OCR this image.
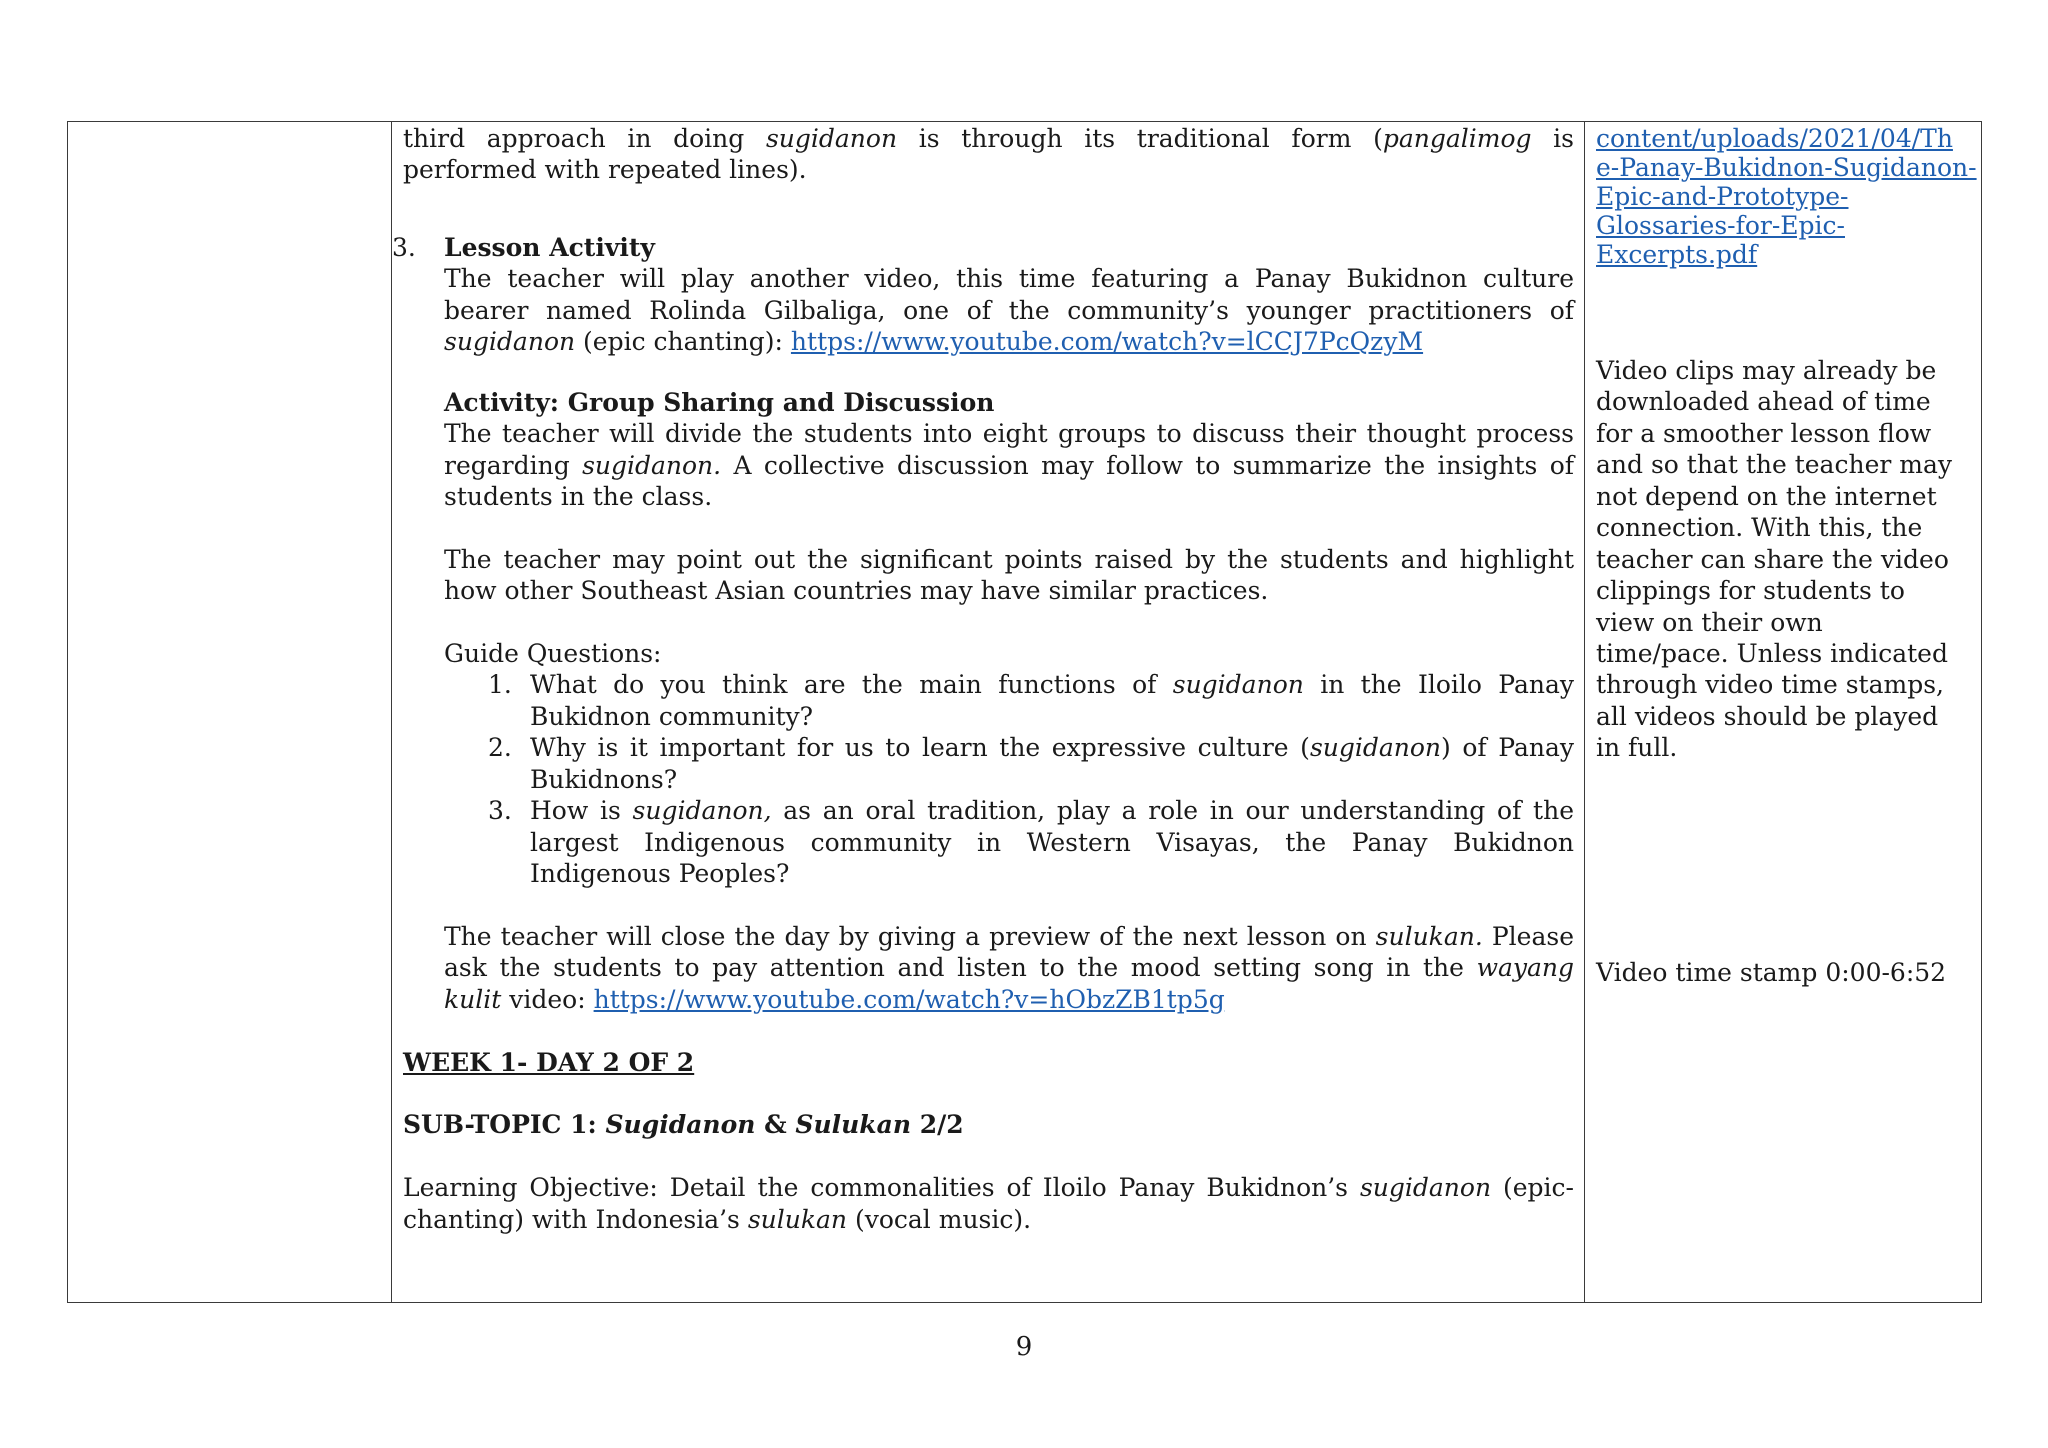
third approach in doing sugidanon is through its traditional form (pangalimog is
performed with repeated lines).
3. Lesson Activity
The teacher will play another video, this time featuring a Panay Bukidnon culture
bearer named Rolinda Gilbaliga, one of the community’s younger practitioners of
sugidanon (epic chanting): https://www.youtube.com/watch?v=lCCJ7PcQzyM
Activity: Group Sharing and Discussion
The teacher will divide the students into eight groups to discuss their thought process
regarding sugidanon. A collective discussion may follow to summarize the insights of
students in the class.
The teacher may point out the significant points raised by the students and highlight
how other Southeast Asian countries may have similar practices.
Guide Questions:
1. What do you think are the main functions of sugidanon in the Iloilo Panay
Bukidnon community?
2. Why is it important for us to learn the expressive culture (sugidanon) of Panay
Bukidnons?
3. How is sugidanon, as an oral tradition, play a role in our understanding of the
largest Indigenous community in Western Visayas, the Panay Bukidnon
Indigenous Peoples?
The teacher will close the day by giving a preview of the next lesson on sulukan. Please
ask the students to pay attention and listen to the mood setting song in the wayang
kulit video: https://www.youtube.com/watch?v=hObzZB1tp5g
WEEK 1- DAY 2 OF 2
SUB-TOPIC 1: Sugidanon & Sulukan 2/2
Learning Objective: Detail the commonalities of Iloilo Panay Bukidnon’s sugidanon (epic-
chanting) with Indonesia’s sulukan (vocal music).
content/uploads/2021/04/Th
e-Panay-Bukidnon-Sugidanon-
Epic-and-Prototype-
Glossaries-for-Epic-
Excerpts.pdf
Video clips may already be
downloaded ahead of time
for a smoother lesson flow
and so that the teacher may
not depend on the internet
connection. With this, the
teacher can share the video
clippings for students to
view on their own
time/pace. Unless indicated
through video time stamps,
all videos should be played
in full.
Video time stamp 0:00-6:52
9
